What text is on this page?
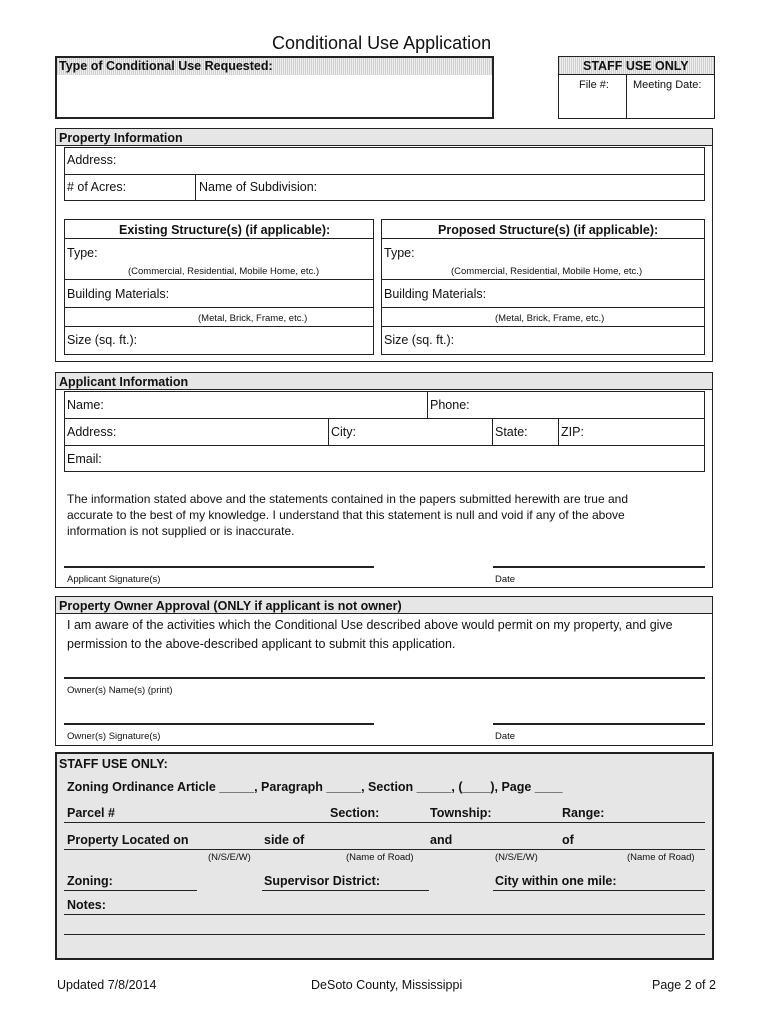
Conditional Use Application
Type of Conditional Use Requested:	STAFF USE ONLY
File #: Meeting Date:
Property Information
Address:
# of Acres:	Name of Subdivision:
Existing Structure(s) (if applicable):
Type:
(Commercial, Residential, Mobile Home, etc.)
Building Materials:
(Metal, Brick, Frame, etc.)
Size (sq. ft.):
Proposed Structure(s) (if applicable):
Type:
(Commercial, Residential, Mobile Home, etc.)
Building Materials:
(Metal, Brick, Frame, etc.)
Size (sq. ft.):
Applicant Information
Name:	Phone:
Address:	City:	State:	ZIP:
Email:
The information stated above and the statements contained in the papers submitted herewith are true and
accurate to the best of my knowledge. I understand that this statement is null and void if any of the above
information is not supplied or is inaccurate.
Applicant Signature(s)	Date
Property Owner Approval (ONLY if applicant is not owner)
I am aware of the activities which the Conditional Use described above would permit on my property, and give
permission to the above-described applicant to submit this application.
Owner(s) Name(s) (print)
Owner(s) Signature(s)	Date
STAFF USE ONLY:
Zoning Ordinance Article _____, Paragraph _____, Section _____, (____), Page ____
Parcel #	Section:	Township:	Range:
Property Located on	side of	and	of
(N/S/E/W)	(Name of Road)	(N/S/E/W)	(Name of Road)
Zoning:	Supervisor District:	City within one mile:
Notes:
Updated 7/8/2014	DeSoto County, Mississippi	Page 2 of 2
